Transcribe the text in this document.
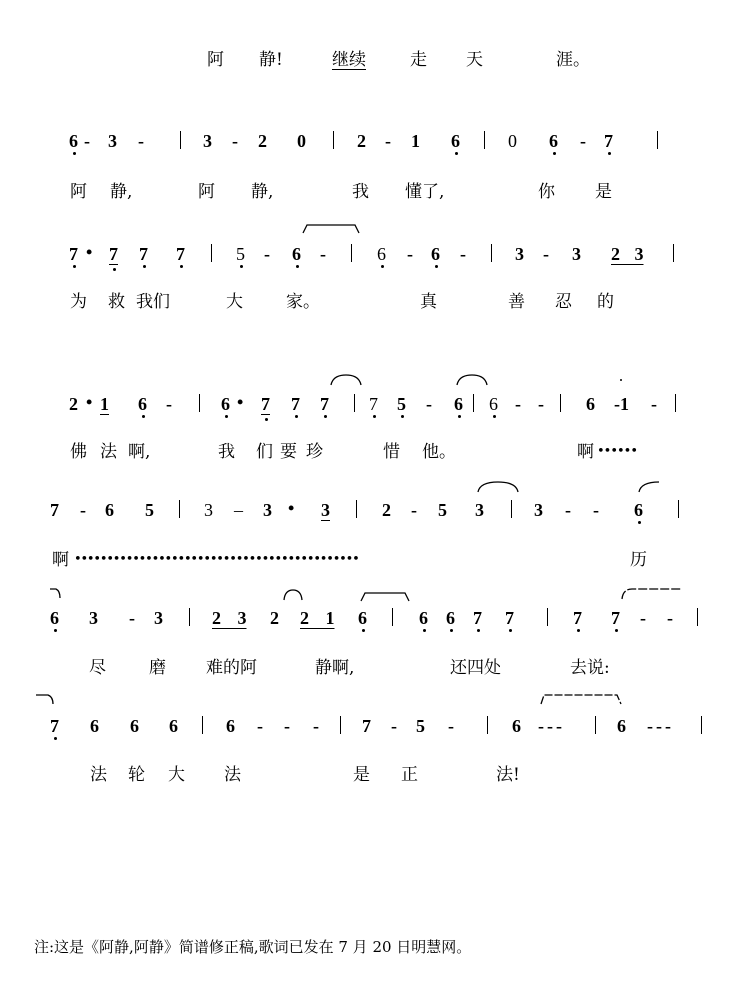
阿 静!	继续	走 天	涯。
6 - 3 -	3 - 2 0	2 - 1 6	0 6 - 7
阿 静,	阿 静,	我 懂了,	你 是
7 • 7 7 7	5 - 6 -	6 - 6 -	3 - 3 2 3
为 救 我们	大	家。	真	善 忍 的
2 • 1 6 -	6 • 7 7 7 7 5 - 6 6 - - 6 -1 -
佛 法 啊,	我 们 要 珍	惜 他。	啊 ••••••
7 - 6 5	3 – 3 • 3	2 - 5 3	3 - - 6
啊 ••••••••••••••••••••••••••••••••••••••••••••	历
6 3 - 3	2 3 2 2 1 6	6 6 7 7	7 7 - -
尽	磨 难的阿	静啊,	还四处	去说:
7 6 6 6	6 - - - 7 - 5 -	6 ---	6 ---
法 轮 大 法	是 正	法!
注:这是《阿静,阿静》简谱修正稿,歌词已发在 7 月 20 日明慧网。
